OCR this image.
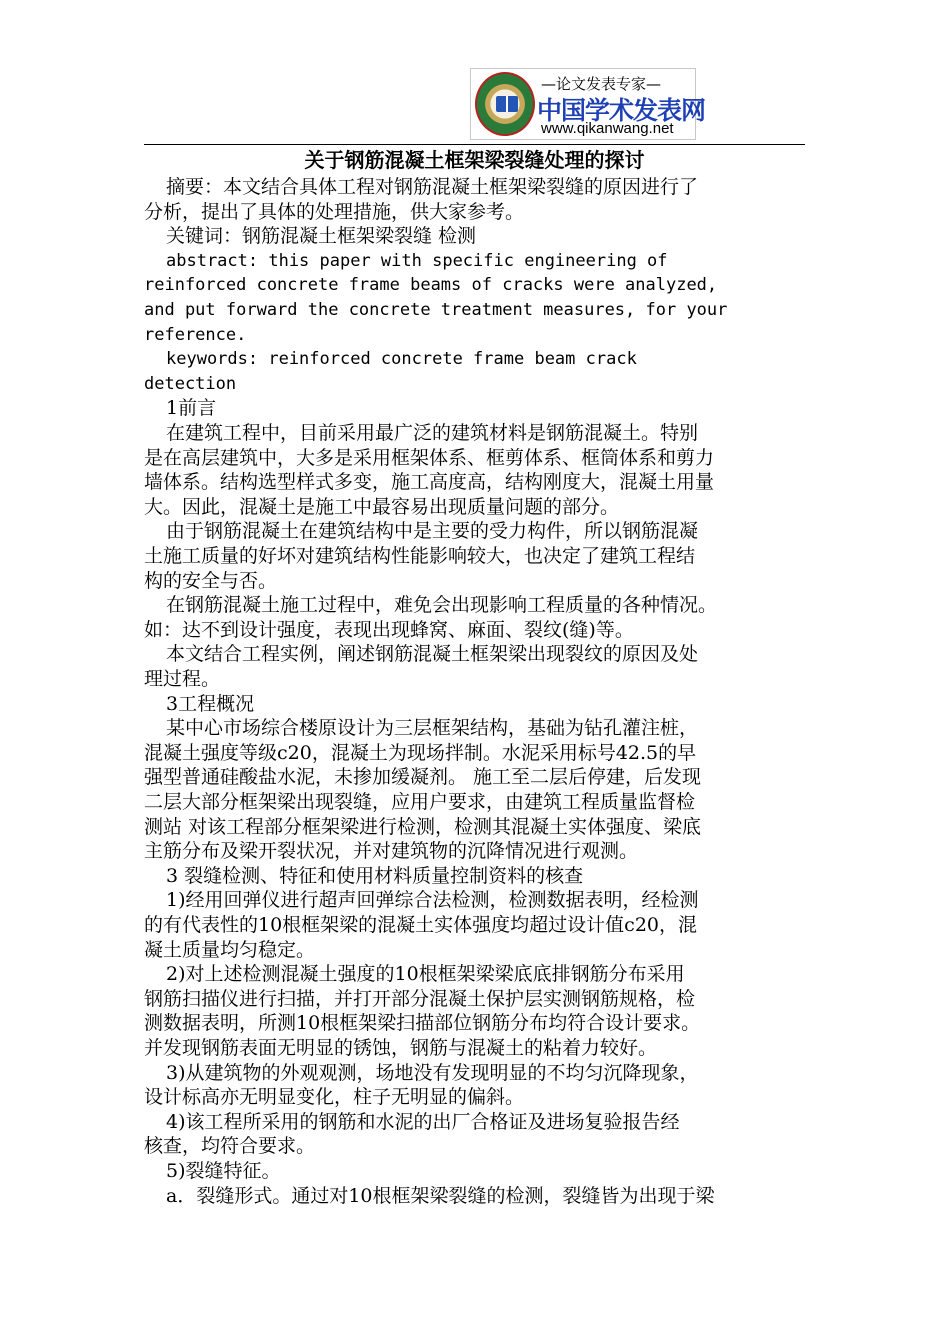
—论文发表专家—
中国学术发表网
www.qikanwang.net
关于钢筋混凝土框架梁裂缝处理的探讨
摘要：本文结合具体工程对钢筋混凝土框架梁裂缝的原因进行了
分析，提出了具体的处理措施，供大家参考。
关键词：钢筋混凝土框架梁裂缝 检测
abstract: this paper with specific engineering of
reinforced concrete frame beams of cracks were analyzed,
and put forward the concrete treatment measures, for your
reference.
keywords: reinforced concrete frame beam crack
detection
1前言
在建筑工程中，目前采用最广泛的建筑材料是钢筋混凝土。特别
是在高层建筑中，大多是采用框架体系、框剪体系、框筒体系和剪力
墙体系。结构选型样式多变，施工高度高，结构刚度大，混凝土用量
大。因此，混凝土是施工中最容易出现质量问题的部分。
由于钢筋混凝土在建筑结构中是主要的受力构件，所以钢筋混凝
土施工质量的好坏对建筑结构性能影响较大，也决定了建筑工程结
构的安全与否。
在钢筋混凝土施工过程中，难免会出现影响工程质量的各种情况。
如：达不到设计强度，表现出现蜂窝、麻面、裂纹(缝)等。
本文结合工程实例，阐述钢筋混凝土框架梁出现裂纹的原因及处
理过程。
3工程概况
某中心市场综合楼原设计为三层框架结构，基础为钻孔灌注桩，
混凝土强度等级c20，混凝土为现场拌制。水泥采用标号42.5的早
强型普通硅酸盐水泥，未掺加缓凝剂。 施工至二层后停建，后发现
二层大部分框架梁出现裂缝，应用户要求，由建筑工程质量监督检
测站 对该工程部分框架梁进行检测，检测其混凝土实体强度、梁底
主筋分布及梁开裂状况，并对建筑物的沉降情况进行观测。
3 裂缝检测、特征和使用材料质量控制资料的核查
1)经用回弹仪进行超声回弹综合法检测，检测数据表明，经检测
的有代表性的10根框架梁的混凝土实体强度均超过设计值c20，混
凝土质量均匀稳定。
2)对上述检测混凝土强度的10根框架梁梁底底排钢筋分布采用
钢筋扫描仪进行扫描，并打开部分混凝土保护层实测钢筋规格，检
测数据表明，所测10根框架梁扫描部位钢筋分布均符合设计要求。
并发现钢筋表面无明显的锈蚀，钢筋与混凝土的粘着力较好。
3)从建筑物的外观观测，场地没有发现明显的不均匀沉降现象，
设计标高亦无明显变化，柱子无明显的偏斜。
4)该工程所采用的钢筋和水泥的出厂合格证及进场复验报告经
核查，均符合要求。
5)裂缝特征。
a．裂缝形式。通过对10根框架梁裂缝的检测，裂缝皆为出现于梁
